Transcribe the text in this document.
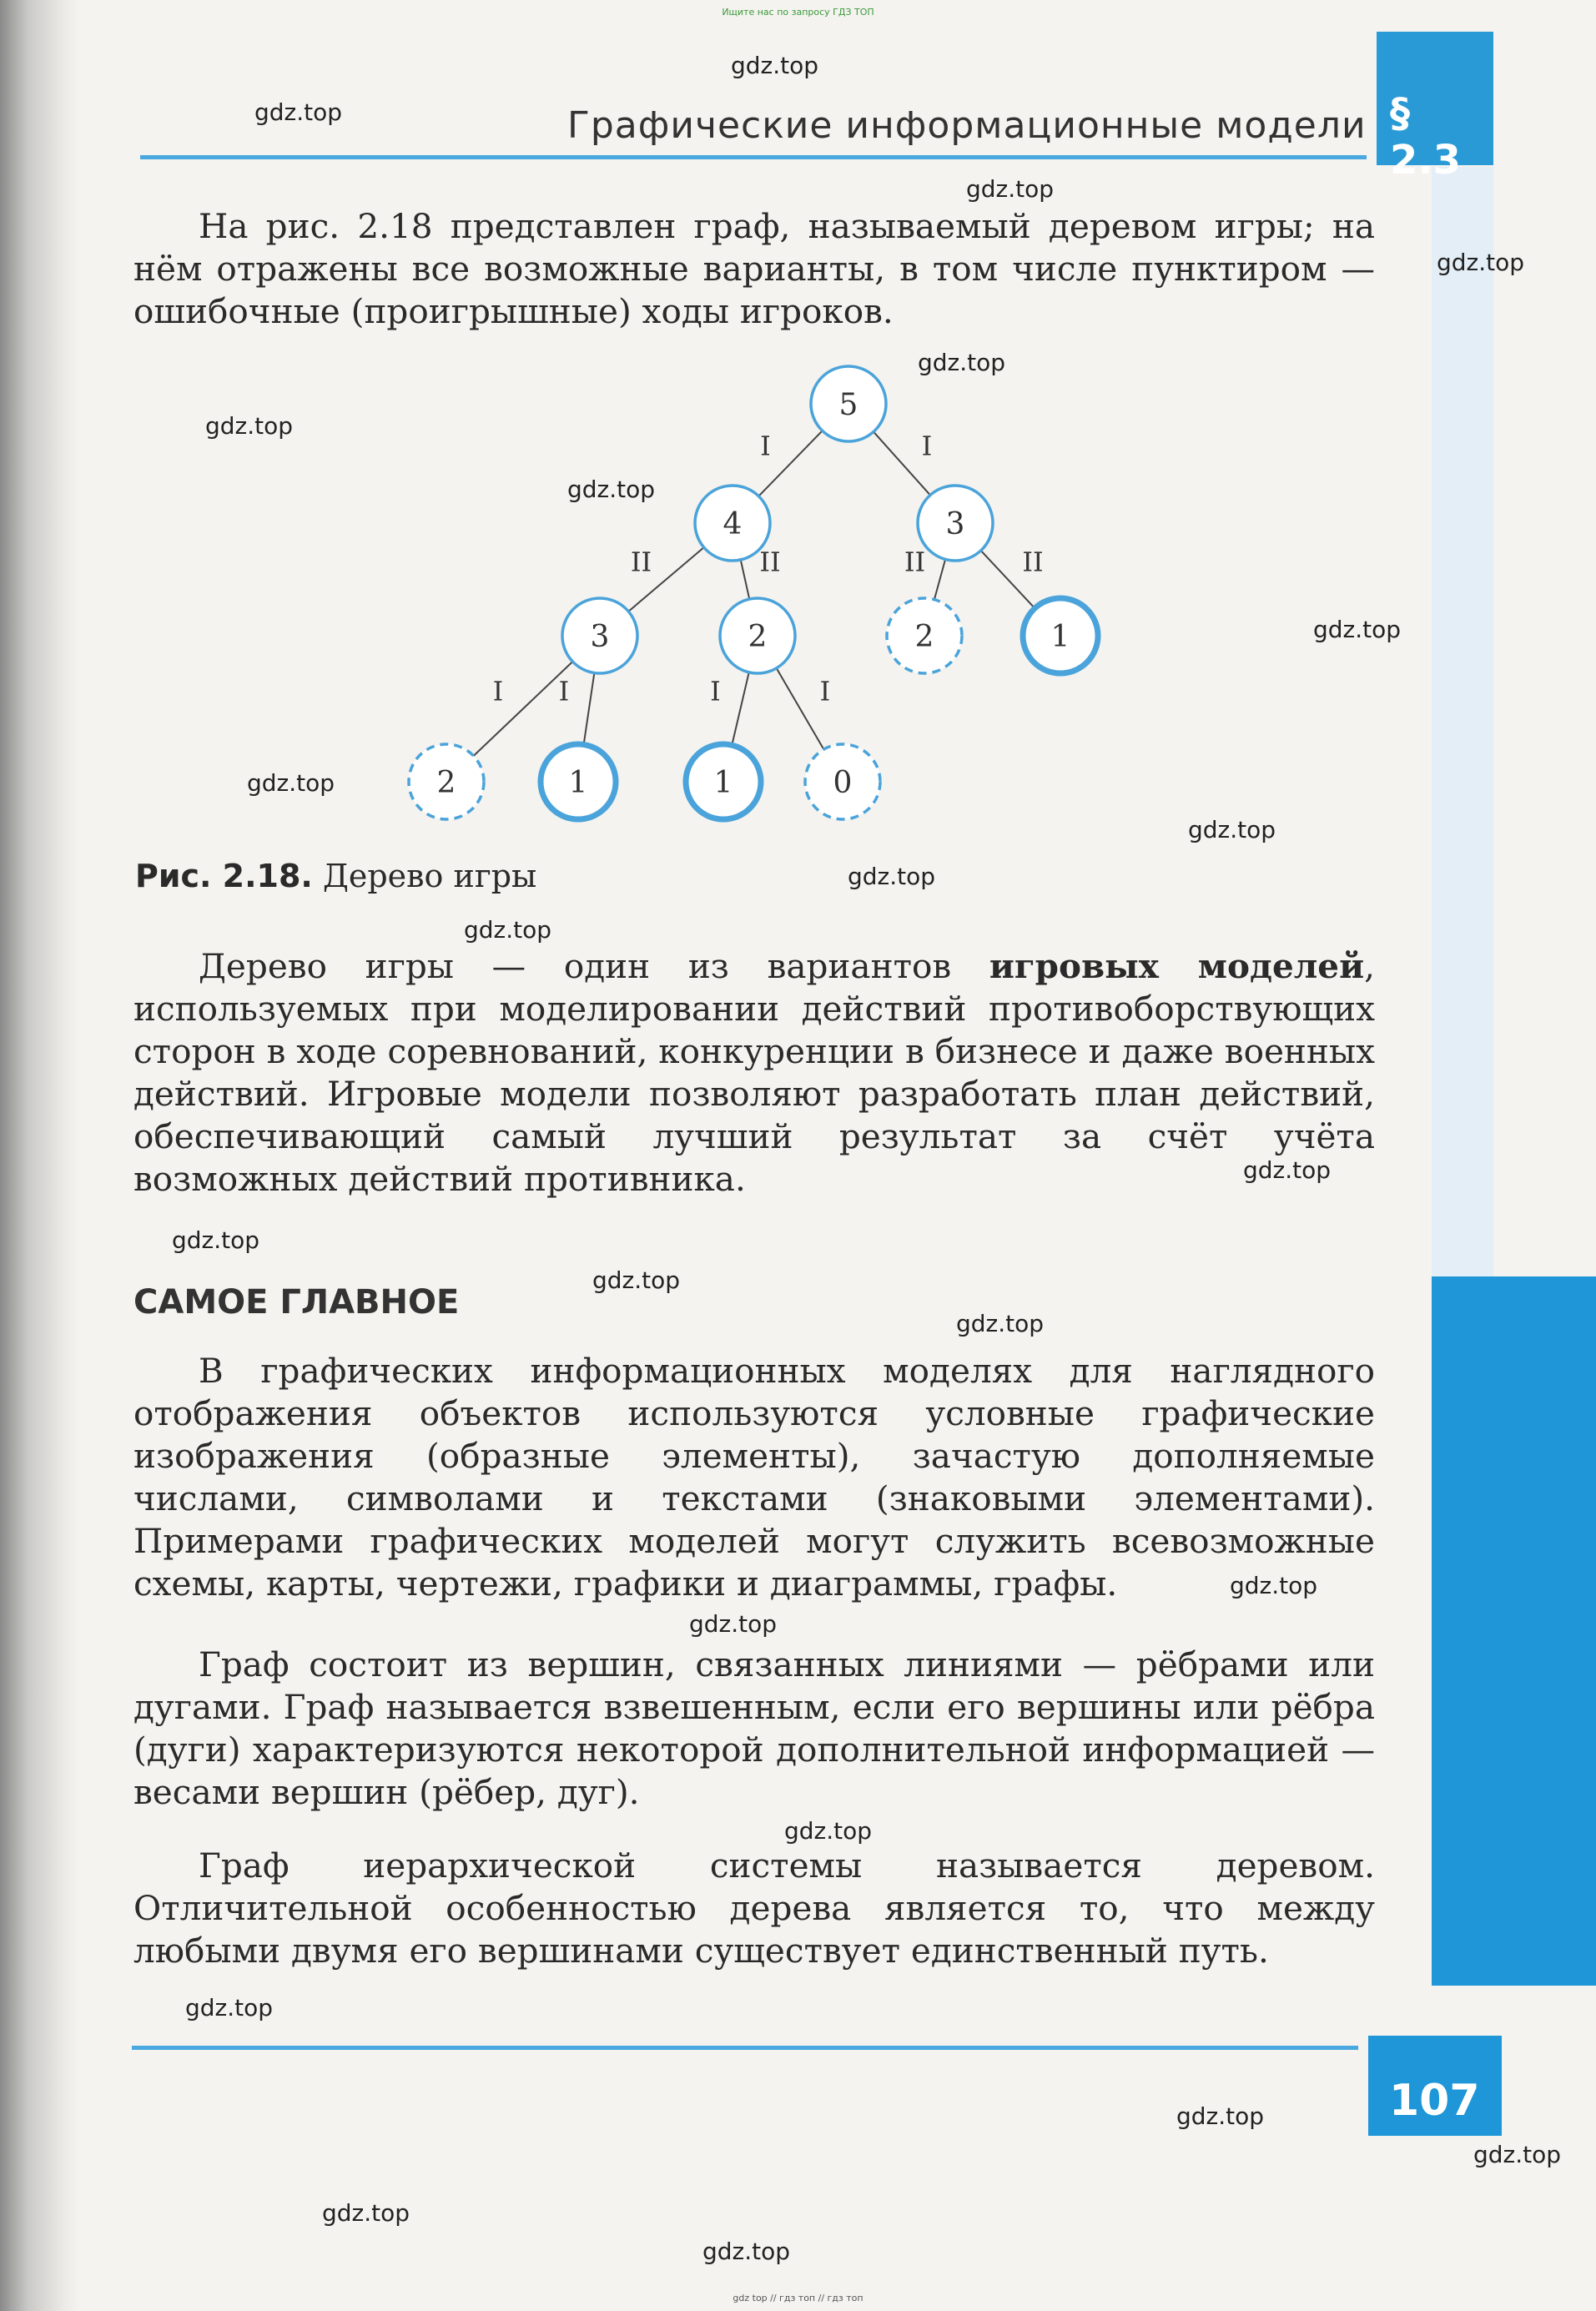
Ищите нас по запросу ГДЗ ТОП
§ 2.3
Графические информационные модели
На рис. 2.18 представлен граф, называемый деревом игры; на нём отражены все возможные варианты, в том числе пунктиром — ошибочные (проигрышные) ходы игроков.
I	I
II	II	II	II
I I	I	I
5
4	3
3	2	2	1
2	1	1	0
Рис. 2.18. Дерево игры
Дерево игры — один из вариантов игровых моделей, используемых при моделировании действий противоборствующих сторон в ходе соревнований, конкуренции в бизнесе и даже военных действий. Игровые модели позволяют разработать план действий, обеспечивающий самый лучший результат за счёт учёта возможных действий противника.
САМОЕ ГЛАВНОЕ
В графических информационных моделях для наглядного отображения объектов используются условные графические изображения (образные элементы), зачастую дополняемые числами, символами и текстами (знаковыми элементами). Примерами графических моделей могут служить всевозможные схемы, карты, чертежи, графики и диаграммы, графы.
Граф состоит из вершин, связанных линиями — рёбрами или дугами. Граф называется взвешенным, если его вершины или рёбра (дуги) характеризуются некоторой дополнительной информацией — весами вершин (рёбер, дуг).
Граф иерархической системы называется деревом. Отличительной особенностью дерева является то, что между любыми двумя его вершинами существует единственный путь.
107
gdz.top
gdz.top
gdz.top
gdz.top
gdz.top
gdz.top
gdz.top
gdz.top
gdz.top
gdz.top
gdz.top
gdz.top
gdz.top
gdz.top
gdz.top
gdz.top
gdz.top
gdz.top
gdz.top
gdz.top
gdz.top
gdz.top
gdz.top
gdz.top
gdz top // гдз топ // гдз топ
